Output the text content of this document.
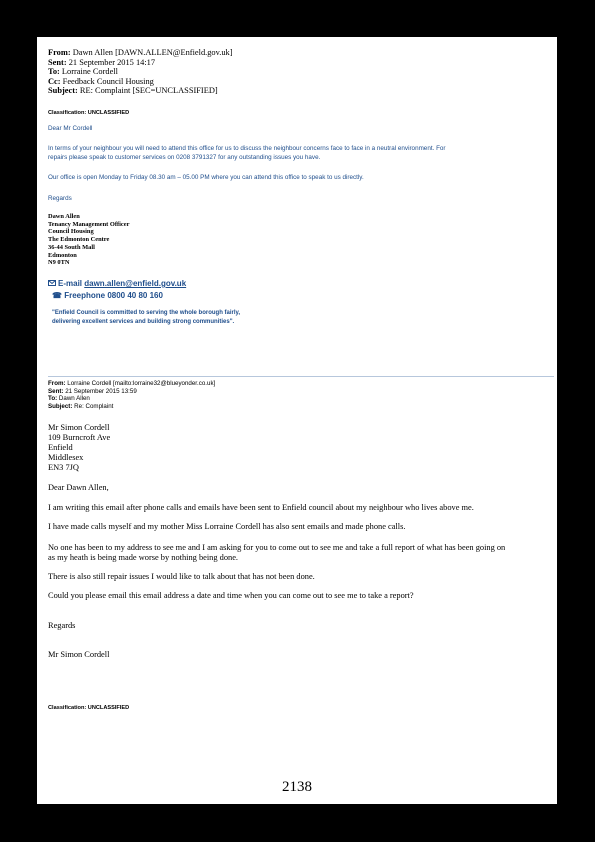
From: Dawn Allen [DAWN.ALLEN@Enfield.gov.uk]
Sent: 21 September 2015 14:17
To: Lorraine Cordell
Cc: Feedback Council Housing
Subject: RE: Complaint [SEC=UNCLASSIFIED]
Classification: UNCLASSIFIED
Dear Mr Cordell
In terms of your neighbour you will need to attend this office for us to discuss the neighbour concerns face to face in a neutral environment. For
repairs please speak to customer services on 0208 3791327 for any outstanding issues you have.
Our office is open Monday to Friday 08.30 am – 05.00 PM where you can attend this office to speak to us directly.
Regards
Dawn Allen
Tenancy Management Officer
Council Housing
The Edmonton Centre
36-44 South Mall
Edmonton
N9 0TN
E-mail dawn.allen@enfield.gov.uk
☎ Freephone 0800 40 80 160
"Enfield Council is committed to serving the whole borough fairly,
delivering excellent services and building strong communities".
From: Lorraine Cordell [mailto:lorraine32@blueyonder.co.uk]
Sent: 21 September 2015 13:59
To: Dawn Allen
Subject: Re: Complaint
Mr Simon Cordell
109 Burncroft Ave
Enfield
Middlesex
EN3 7JQ
Dear Dawn Allen,
I am writing this email after phone calls and emails have been sent to Enfield council about my neighbour who lives above me.
I have made calls myself and my mother Miss Lorraine Cordell has also sent emails and made phone calls.
No one has been to my address to see me and I am asking for you to come out to see me and take a full report of what has been going on
as my heath is being made worse by nothing being done.
There is also still repair issues I would like to talk about that has not been done.
Could you please email this email address a date and time when you can come out to see me to take a report?
Regards
Mr Simon Cordell
Classification: UNCLASSIFIED
2138
